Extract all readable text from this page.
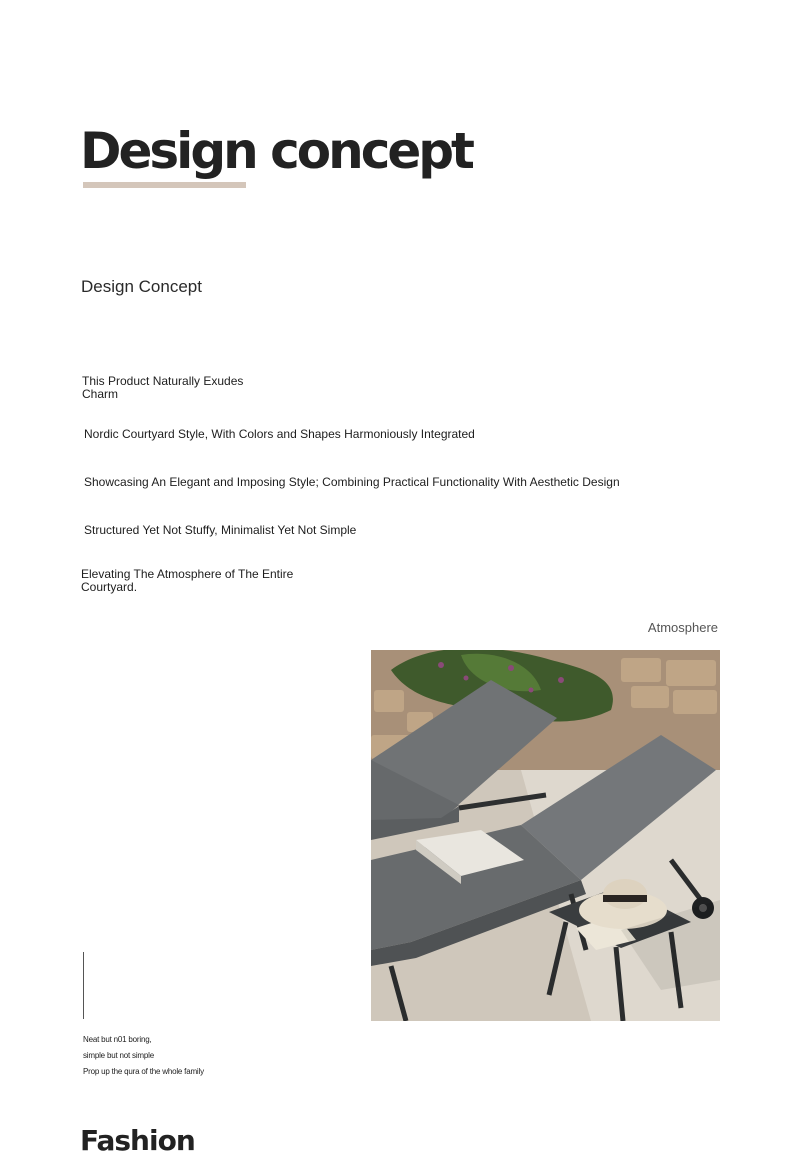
Design concept
Design Concept
This Product Naturally Exudes Charm
Nordic Courtyard Style, With Colors and Shapes Harmoniously Integrated
Showcasing An Elegant and Imposing Style; Combining Practical Functionality With Aesthetic Design
Structured Yet Not Stuffy, Minimalist Yet Not Simple
Elevating The Atmosphere of The Entire Courtyard.
Atmosphere
Neat but n01 boring,
simple but not simple
Prop up the qura of the whole family
Fashion
